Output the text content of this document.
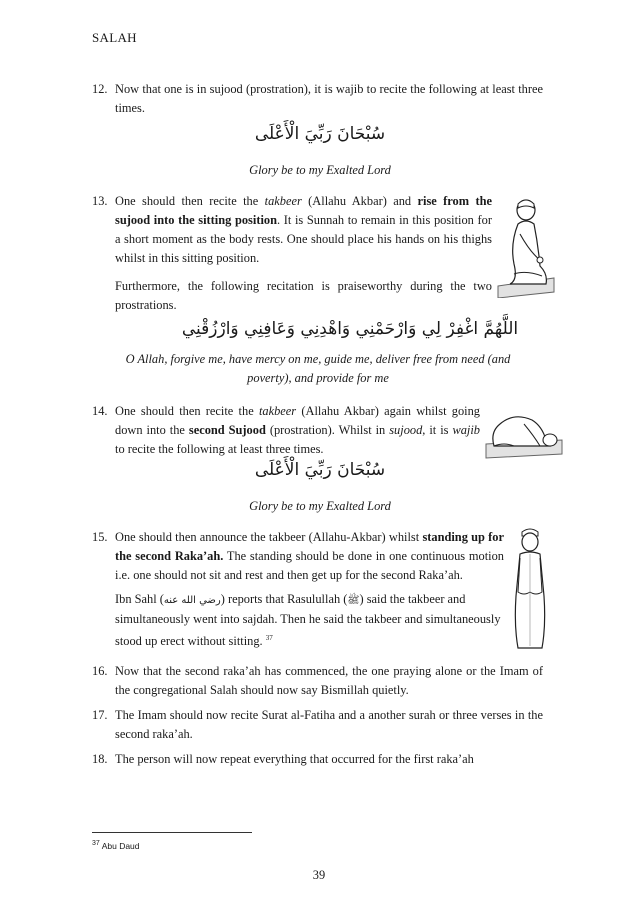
SALAH
12. Now that one is in sujood (prostration), it is wajib to recite the following at least three times.
سُبْحَانَ رَبِّيَ الْأَعْلَى
Glory be to my Exalted Lord
13. One should then recite the takbeer (Allahu Akbar) and rise from the sujood into the sitting position. It is Sunnah to remain in this position for a short moment as the body rests. One should place his hands on his thighs whilst in this sitting position.

Furthermore, the following recitation is praiseworthy during the two prostrations.

اللَّهُمَّ اغْفِرْ لِي وَارْحَمْنِي وَاهْدِنِي وَعَافِنِي وَارْزُقْنِي
O Allah, forgive me, have mercy on me, guide me, deliver free from need (and poverty), and provide for me
14. One should then recite the takbeer (Allahu Akbar) again whilst going down into the second Sujood (prostration). Whilst in sujood, it is wajib to recite the following at least three times.

سُبْحَانَ رَبِّيَ الْأَعْلَى
Glory be to my Exalted Lord
15. One should then announce the takbeer (Allahu-Akbar) whilst standing up for the second Raka’ah. The standing should be done in one continuous motion i.e. one should not sit and rest and then get up for the second Raka’ah.

Ibn Sahl (رضي الله عنه) reports that Rasulullah (ﷺ) said the takbeer and simultaneously went into sajdah. Then he said the takbeer and simultaneously stood up erect without sitting. $^{37}$

16. Now that the second raka’ah has commenced, the one praying alone or the Imam of the congregational Salah should now say Bismillah quietly.
17. The Imam should now recite Surat al-Fatiha and a another surah or three verses in the second raka’ah.
18. The person will now repeat everything that occurred for the first raka’ah
$^{37}$ Abu Daud
39
